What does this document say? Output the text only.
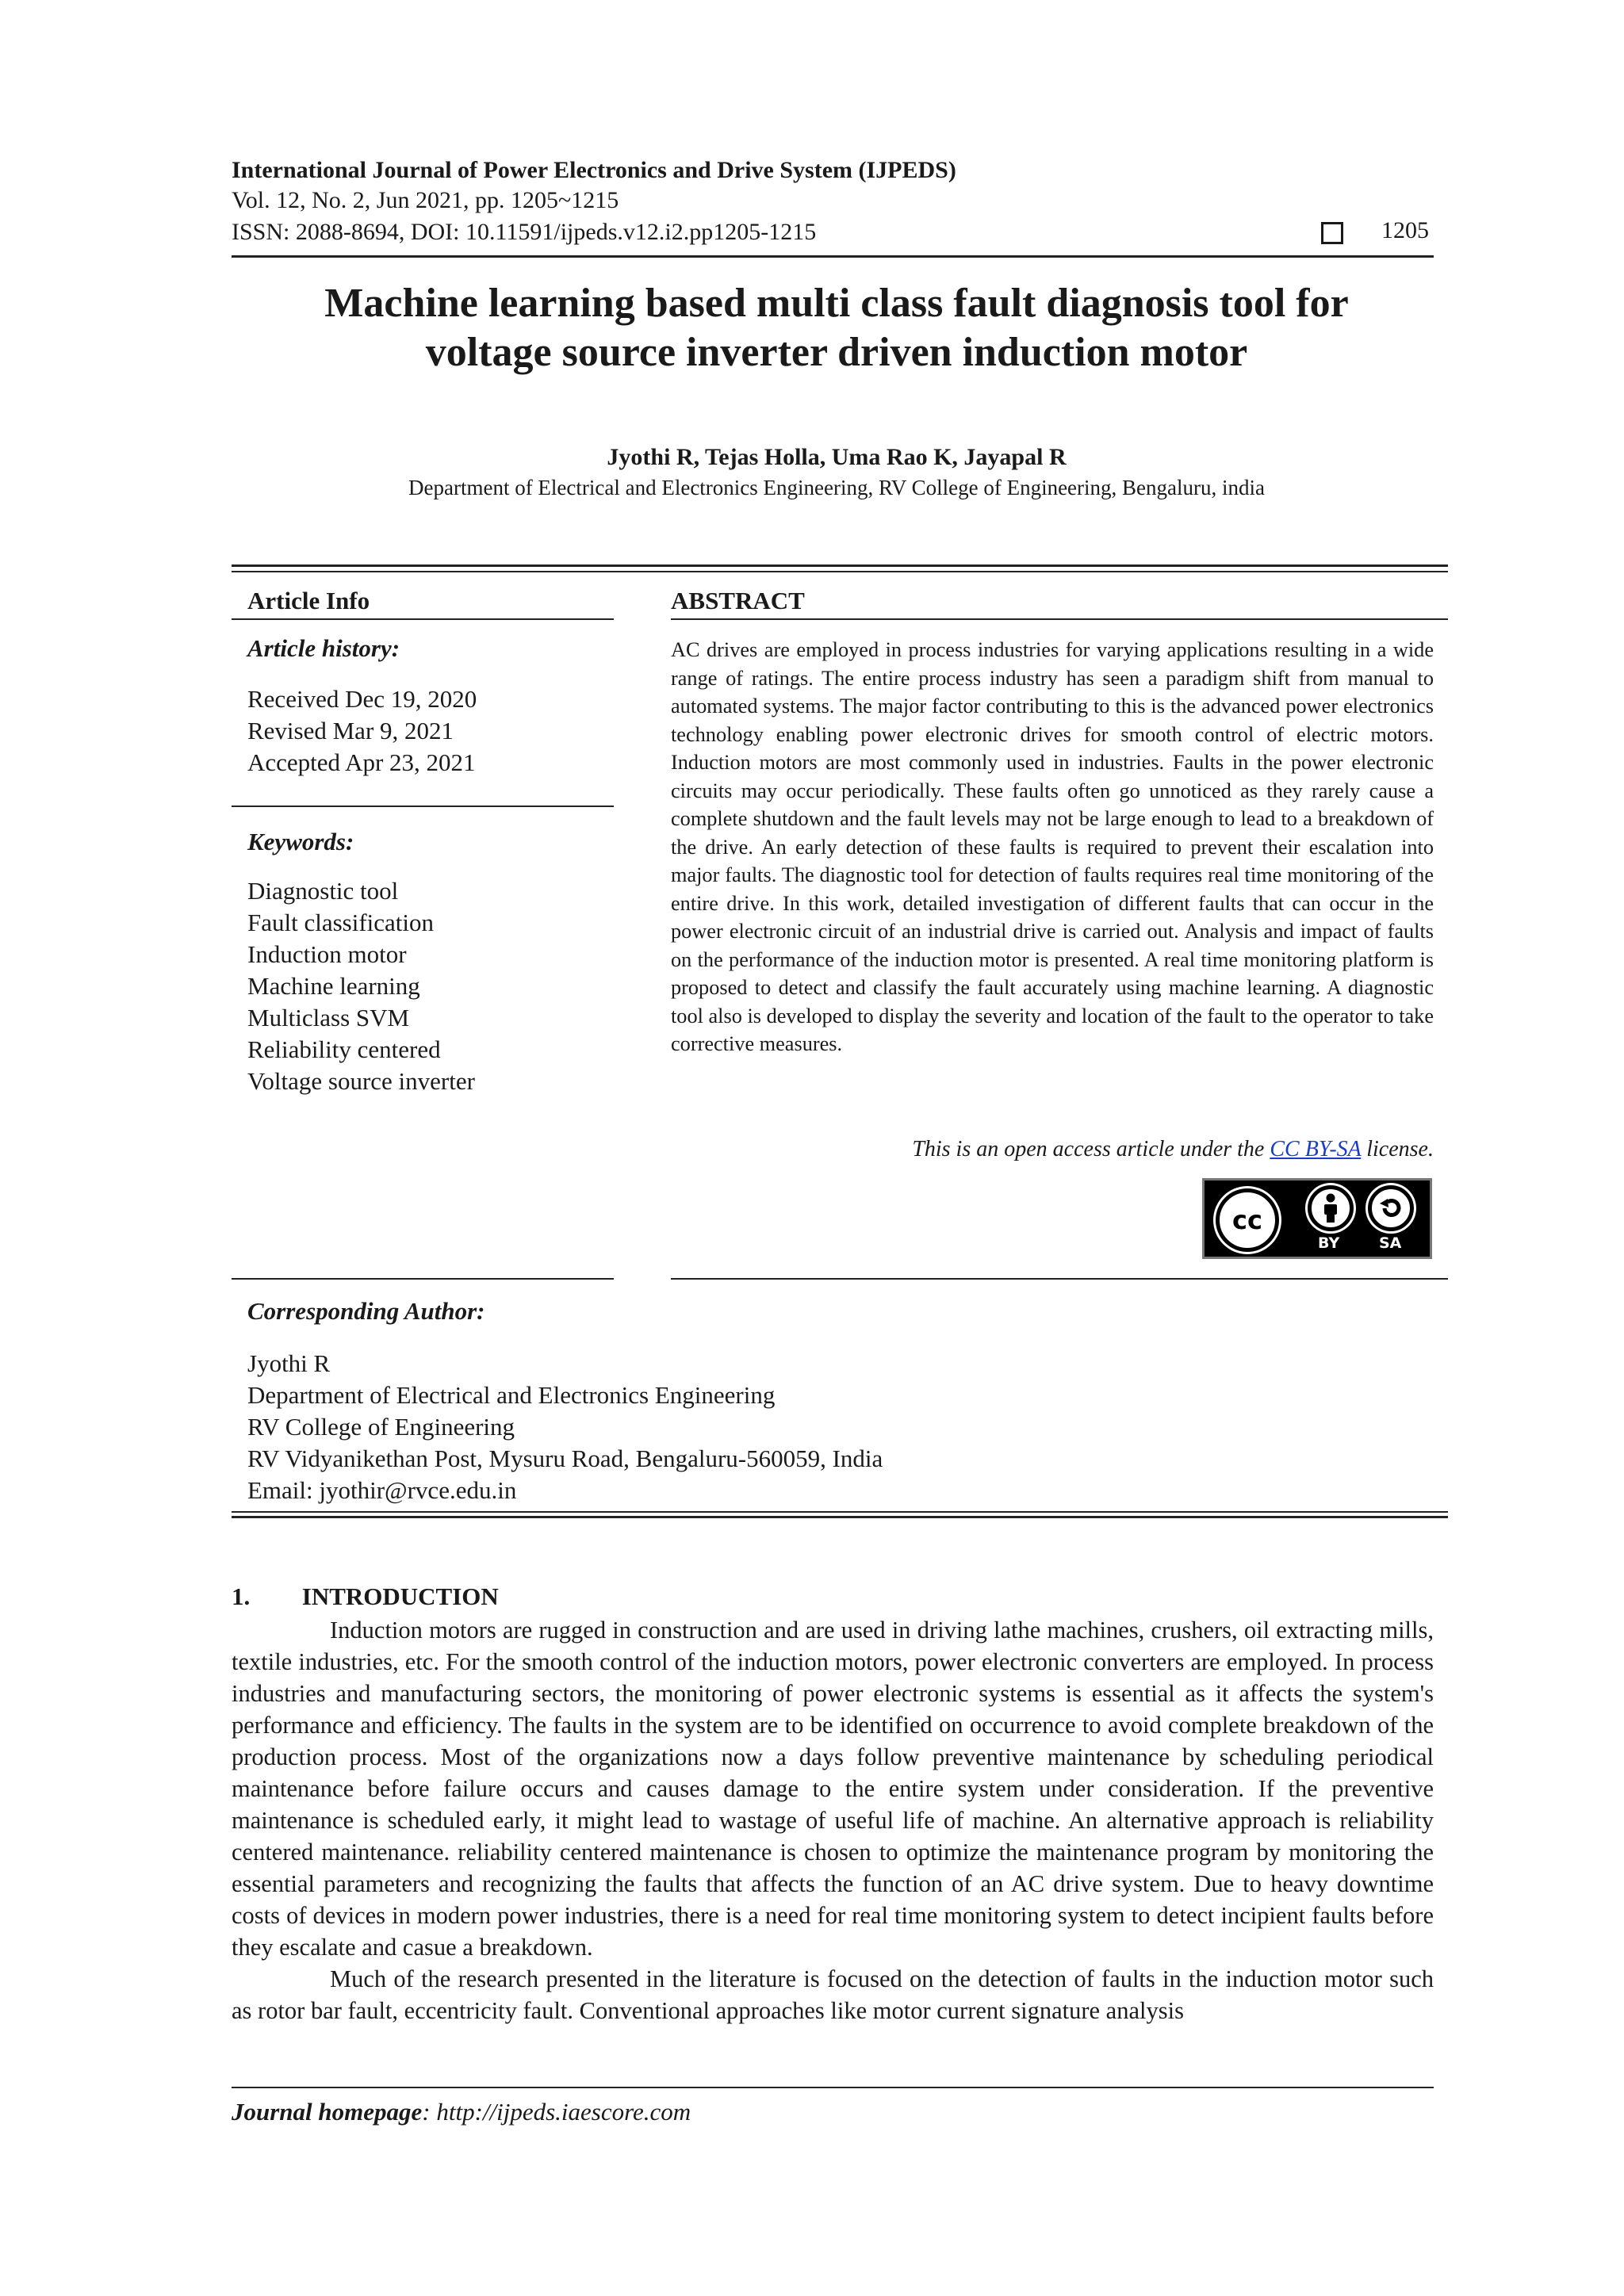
International Journal of Power Electronics and Drive System (IJPEDS)
Vol. 12, No. 2, Jun 2021, pp. 1205~1215
ISSN: 2088-8694, DOI: 10.11591/ijpeds.v12.i2.pp1205-1215	1205
Machine learning based multi class fault diagnosis tool for
voltage source inverter driven induction motor
Jyothi R, Tejas Holla, Uma Rao K, Jayapal R
Department of Electrical and Electronics Engineering, RV College of Engineering, Bengaluru, india
Article Info
Article history:
Received Dec 19, 2020
Revised Mar 9, 2021
Accepted Apr 23, 2021
Keywords:
Diagnostic tool
Fault classification
Induction motor
Machine learning
Multiclass SVM
Reliability centered
Voltage source inverter
ABSTRACT
AC drives are employed in process industries for varying applications resulting in a wide range of ratings. The entire process industry has seen a paradigm shift from manual to automated systems. The major factor contributing to this is the advanced power electronics technology enabling power electronic drives for smooth control of electric motors. Induction motors are most commonly used in industries. Faults in the power electronic circuits may occur periodically. These faults often go unnoticed as they rarely cause a complete shutdown and the fault levels may not be large enough to lead to a breakdown of the drive. An early detection of these faults is required to prevent their escalation into major faults. The diagnostic tool for detection of faults requires real time monitoring of the entire drive. In this work, detailed investigation of different faults that can occur in the power electronic circuit of an industrial drive is carried out. Analysis and impact of faults on the performance of the induction motor is presented. A real time monitoring platform is proposed to detect and classify the fault accurately using machine learning. A diagnostic tool also is developed to display the severity and location of the fault to the operator to take corrective measures.
This is an open access article under the CC BY-SA license.
cc
BY	SA
Corresponding Author:
Jyothi R
Department of Electrical and Electronics Engineering
RV College of Engineering
RV Vidyanikethan Post, Mysuru Road, Bengaluru-560059, India
Email: jyothir@rvce.edu.in
1. INTRODUCTION

Induction motors are rugged in construction and are used in driving lathe machines, crushers, oil extracting mills, textile industries, etc. For the smooth control of the induction motors, power electronic converters are employed. In process industries and manufacturing sectors, the monitoring of power electronic systems is essential as it affects the system's performance and efficiency. The faults in the system are to be identified on occurrence to avoid complete breakdown of the production process. Most of the organizations now a days follow preventive maintenance by scheduling periodical maintenance before failure occurs and causes damage to the entire system under consideration. If the preventive maintenance is scheduled early, it might lead to wastage of useful life of machine. An alternative approach is reliability centered maintenance. reliability centered maintenance is chosen to optimize the maintenance program by monitoring the essential parameters and recognizing the faults that affects the function of an AC drive system. Due to heavy downtime costs of devices in modern power industries, there is a need for real time monitoring system to detect incipient faults before they escalate and casue a breakdown.

Much of the research presented in the literature is focused on the detection of faults in the induction motor such as rotor bar fault, eccentricity fault. Conventional approaches like motor current signature analysis

Journal homepage: http://ijpeds.iaescore.com
